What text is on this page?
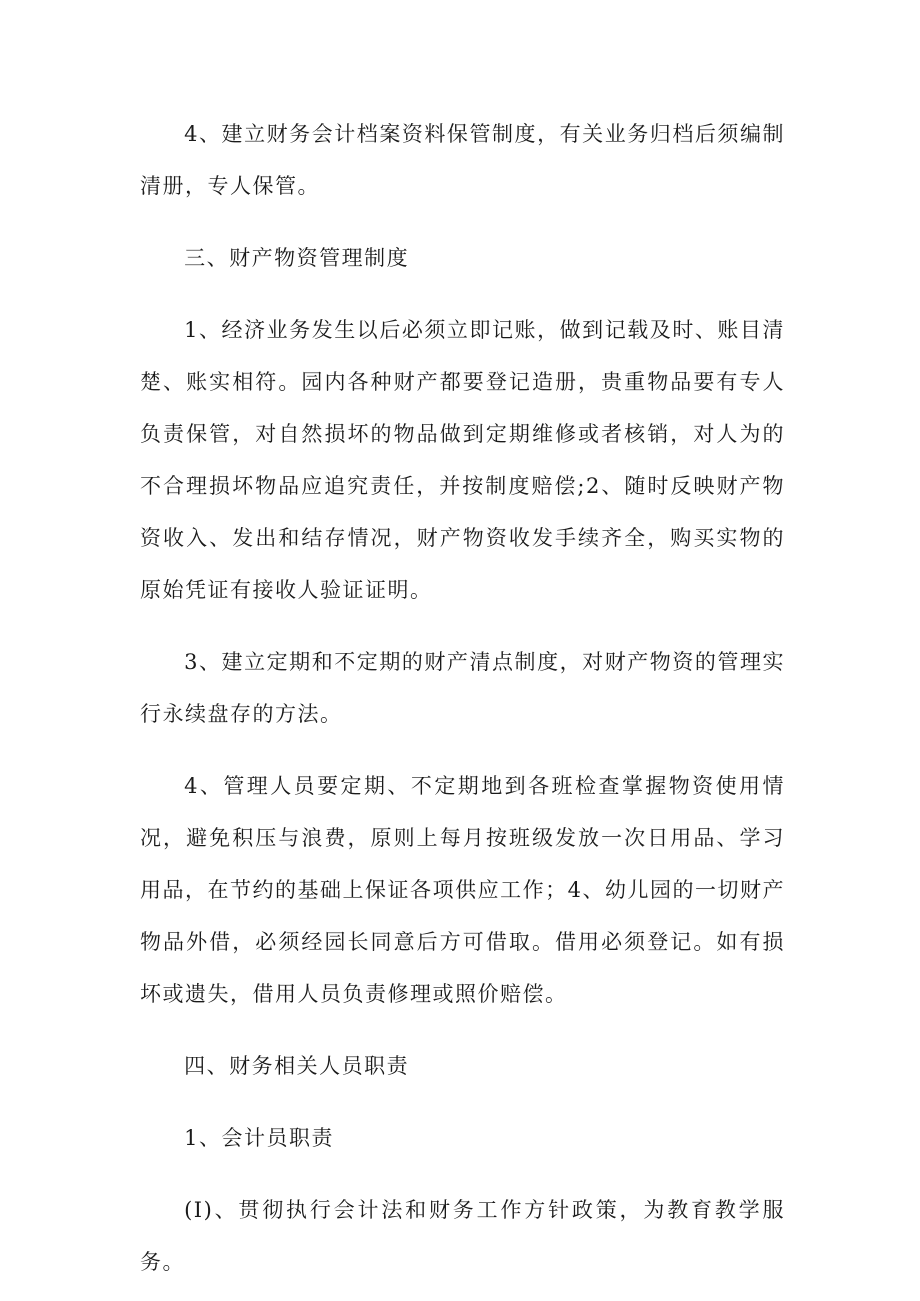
4、建立财务会计档案资料保管制度，有关业务归档后须编制清册，专人保管。

三、财产物资管理制度

1、经济业务发生以后必须立即记账，做到记载及时、账目清楚、账实相符。园内各种财产都要登记造册，贵重物品要有专人负责保管，对自然损坏的物品做到定期维修或者核销，对人为的不合理损坏物品应追究责任，并按制度赔偿;2、随时反映财产物资收入、发出和结存情况，财产物资收发手续齐全，购买实物的原始凭证有接收人验证证明。

3、建立定期和不定期的财产清点制度，对财产物资的管理实行永续盘存的方法。

4、管理人员要定期、不定期地到各班检查掌握物资使用情况，避免积压与浪费，原则上每月按班级发放一次日用品、学习用品，在节约的基础上保证各项供应工作；4、幼儿园的一切财产物品外借，必须经园长同意后方可借取。借用必须登记。如有损坏或遗失，借用人员负责修理或照价赔偿。

四、财务相关人员职责

1、会计员职责

(I)、贯彻执行会计法和财务工作方针政策，为教育教学服务。
